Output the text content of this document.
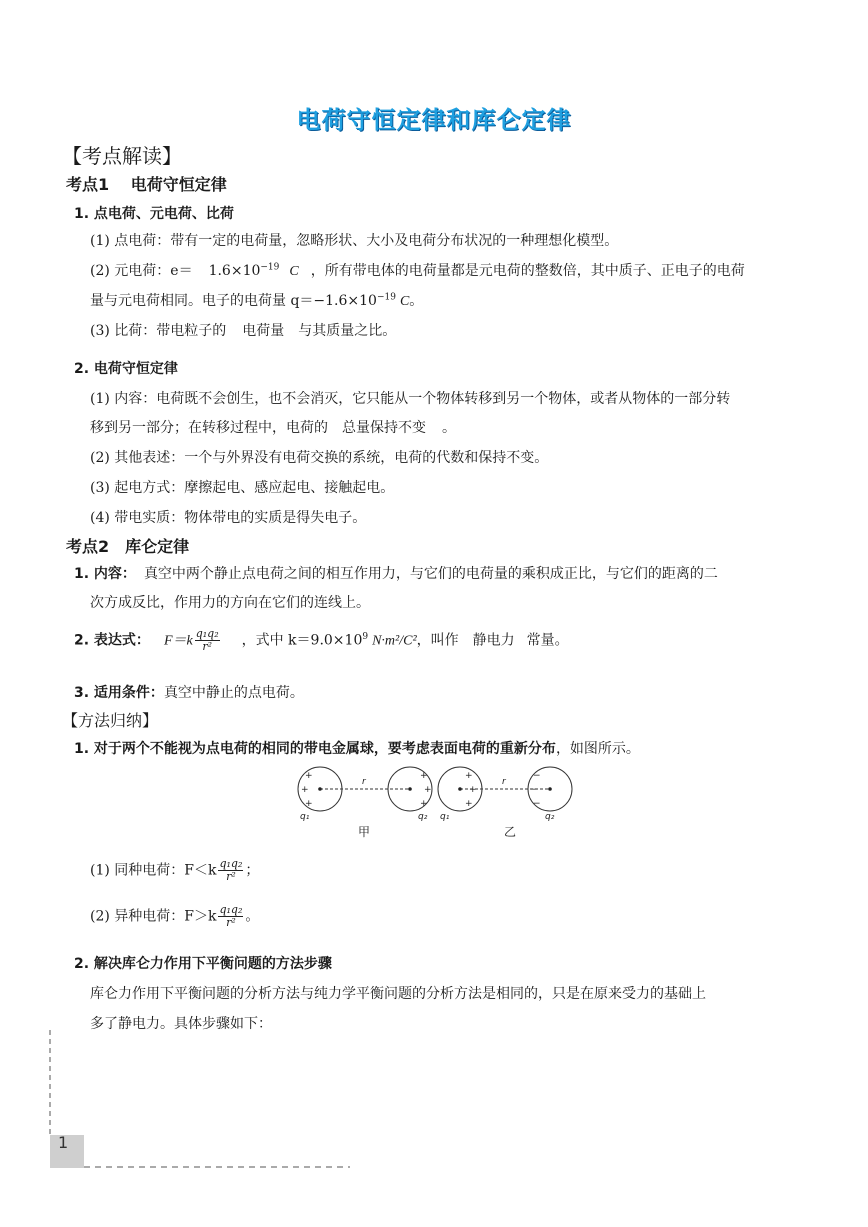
电荷守恒定律和库仑定律
【考点解读】
考点1　 电荷守恒定律
1. 点电荷、元电荷、比荷
(1) 点电荷：带有一定的电荷量，忽略形状、大小及电荷分布状况的一种理想化模型。
(2) 元电荷：$e= 1.6\times 10^{-19}$ C ，所有带电体的电荷量都是元电荷的整数倍，其中质子、正电子的电荷
量与元电荷相同。电子的电荷量 $q=-1.6\times 10^{-19}$ C。
(3) 比荷：带电粒子的 电荷量 与其质量之比。
2. 电荷守恒定律
(1) 内容：电荷既不会创生，也不会消灭，它只能从一个物体转移到另一个物体，或者从物体的一部分转
移到另一部分；在转移过程中，电荷的 总量保持不变 。
(2) 其他表述：一个与外界没有电荷交换的系统，电荷的代数和保持不变。
(3) 起电方式：摩擦起电、感应起电、接触起电。
(4) 带电实质：物体带电的实质是得失电子。
考点2　库仑定律
1. 内容： 真空中两个静止点电荷之间的相互作用力，与它们的电荷量的乘积成正比，与它们的距离的二
次方成反比，作用力的方向在它们的连线上。
2. 表达式： $F=k \frac{\text{q₁q₂}}{\text{r²}}$ ，式中 $k=9.0\times 10^9$ N·m²/C²，叫作 静电力 常量。
3. 适用条件：真空中静止的点电荷。
【方法归纳】
1. 对于两个不能视为点电荷的相同的带电金属球，要考虑表面电荷的重新分布，如图所示。
+
+
+
+
+
+
r
q₁	q₂
+
+
+
−
−
−
r
q₁	q₂
甲	乙
(1) 同种电荷：$F<k \frac{\text{q₁q₂}}{\text{r²}}$ ；
(2) 异种电荷：$F>k \frac{\text{q₁q₂}}{\text{r²}}$ 。
2. 解决库仑力作用下平衡问题的方法步骤
库仑力作用下平衡问题的分析方法与纯力学平衡问题的分析方法是相同的，只是在原来受力的基础上
多了静电力。具体步骤如下：
1
